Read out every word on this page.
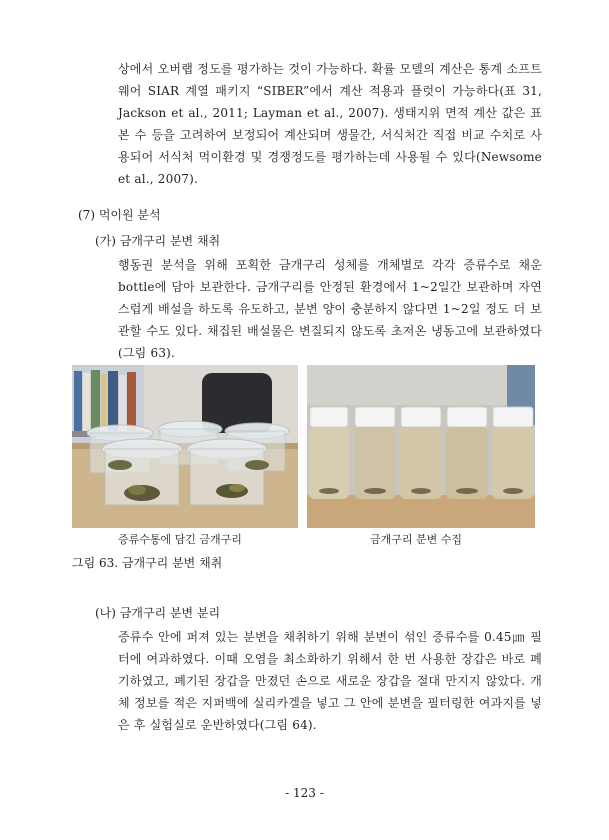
상에서 오버랩 정도를 평가하는 것이 가능하다. 확률 모델의 계산은 통계 소프트 웨어 SIAR 계열 패키지 “SIBER”에서 계산 적용과 플럿이 가능하다(표 31, Jackson et al., 2011; Layman et al., 2007). 생태지위 면적 계산 값은 표본 수 등을 고려하여 보정되어 계산되며 생물간, 서식처간 직접 비교 수치로 사용되어 서식처 먹이환경 및 경쟁정도를 평가하는데 사용될 수 있다(Newsome et al., 2007).
(7) 먹이원 분석
(가) 금개구리 분변 채취
행동권 분석을 위해 포획한 금개구리 성체를 개체별로 각각 증류수로 채운 bottle에 담아 보관한다. 금개구리를 안정된 환경에서 1~2일간 보관하며 자연스럽게 배설을 하도록 유도하고, 분변 양이 충분하지 않다면 1~2일 정도 더 보관할 수도 있다. 채집된 배설물은 변질되지 않도록 초저온 냉동고에 보관하였다(그림 63).
증류수통에 담긴 금개구리	금개구리 분변 수집
그림 63. 금개구리 분변 채취
(나) 금개구리 분변 분리
증류수 안에 퍼져 있는 분변을 채취하기 위해 분변이 섞인 증류수를 0.45㎛ 필터에 여과하였다. 이때 오염을 최소화하기 위해서 한 번 사용한 장갑은 바로 폐기하였고, 폐기된 장갑을 만졌던 손으로 새로운 장갑을 절대 만지지 않았다. 개체 정보를 적은 지퍼백에 실리카겔을 넣고 그 안에 분변을 필터링한 여과지를 넣은 후 실험실로 운반하였다(그림 64).
- 123 -
